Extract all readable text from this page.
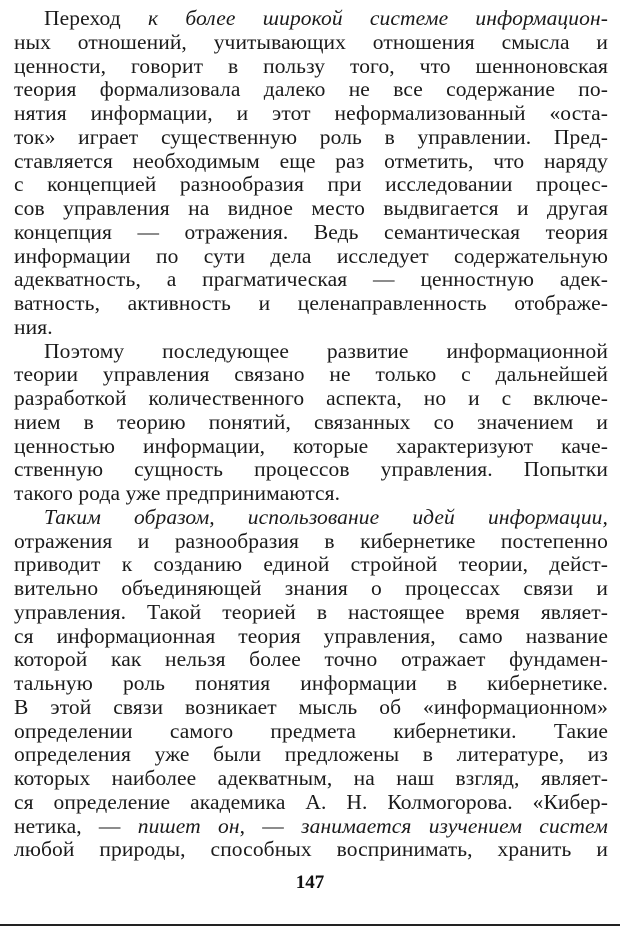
Переход к более широкой системе информацион-
ных отношений, учитывающих отношения смысла и
ценности, говорит в пользу того, что шенноновская
теория формализовала далеко не все содержание по-
нятия информации, и этот неформализованный «оста-
ток» играет существенную роль в управлении. Пред-
ставляется необходимым еще раз отметить, что наряду
с концепцией разнообразия при исследовании процес-
сов управления на видное место выдвигается и другая
концепция — отражения. Ведь семантическая теория
информации по сути дела исследует содержательную
адекватность, а прагматическая — ценностную адек-
ватность, активность и целенаправленность отображе-
ния.
Поэтому последующее развитие информационной
теории управления связано не только с дальнейшей
разработкой количественного аспекта, но и с включе-
нием в теорию понятий, связанных со значением и
ценностью информации, которые характеризуют каче-
ственную сущность процессов управления. Попытки
такого рода уже предпринимаются.
Таким образом, использование идей информации,
отражения и разнообразия в кибернетике постепенно
приводит к созданию единой стройной теории, дейст-
вительно объединяющей знания о процессах связи и
управления. Такой теорией в настоящее время являет-
ся информационная теория управления, само название
которой как нельзя более точно отражает фундамен-
тальную роль понятия информации в кибернетике.
В этой связи возникает мысль об «информационном»
определении самого предмета кибернетики. Такие
определения уже были предложены в литературе, из
которых наиболее адекватным, на наш взгляд, являет-
ся определение академика А. Н. Колмогорова. «Кибер-
нетика, — пишет он, — занимается изучением систем
любой природы, способных воспринимать, хранить и
147
